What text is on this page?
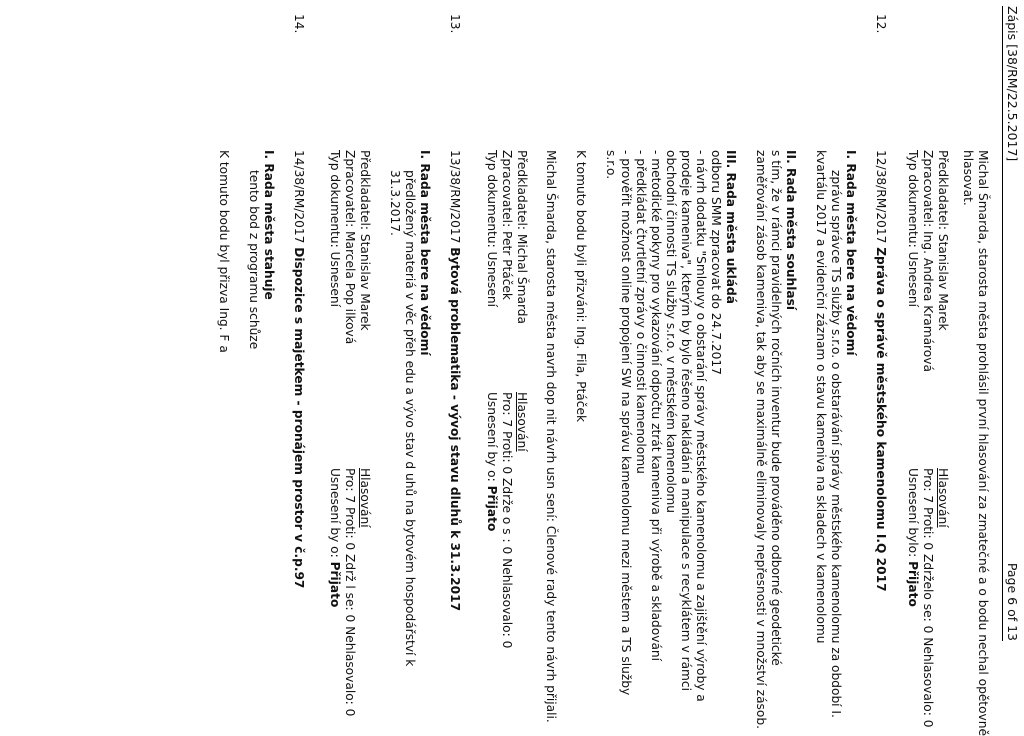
Zápis [38/RM/22.5.2017]
Page 6 of 13
Michal Šmarda, starosta města prohlásil první hlasování za zmatečné a o bodu nechal opětovně
hlasovat.
Předkladatel: Stanislav Marek
Zpracovatel: Ing. Andrea Kramárová
Typ dokumentu: Usnesení
Hlasování
Pro: 7 Proti: 0 Zdrželo se: 0 Nehlasovalo: 0
Usnesení bylo: Přijato
12.
12/38/RM/2017 Zpráva o správě městského kamenolomu I.Q 2017
I. Rada města bere na vědomí
zprávu správce TS služby s.r.o. o obstarávání správy městského kamenolomu za období I.
kvartálu 2017 a evidenční záznam o stavu kameniva na skladech v kamenolomu
II. Rada města souhlasí
s tím, že v rámci pravidelných ročních inventur bude prováděno odborné geodetické
zaměřování zásob kameniva, tak aby se maximálně eliminovaly nepřesnosti v množství zásob.
III. Rada města ukládá
odboru SMM zpracovat do 24.7.2017
- návrh dodatku "Smlouvy o obstarání správy městského kamenolomu a zajištění výroby a
prodeje kameniva", kterým by bylo řešeno nakládání a manipulace s recyklátem v rámci
obchodní činnosti TS služby s.r.o. v městském kamenolomu
- metodické pokyny pro vykazování odpočtu ztrát kameniva při výrobě a skladování
- předkládat čtvrtletní zprávy o činnosti kamenolomu
- prověřit možnost online propojení SW na správu kamenolomu mezi městem a TS služby
s.r.o.
K tomuto bodu byli přizváni: Ing. Fila, Ptáček
Michal Šmarda, starosta města navrh dop nit návrh usn sení: Členové rady tento návrh přijali.
Předkladatel: Michal Šmarda
Zpracovatel: Petr Ptáček
Typ dokumentu: Usnesení
Hlasování
Pro: 7 Proti: 0 Zdrže o s : 0 Nehlasovalo: 0
Usnesení by o: Přijato
13.
13/38/RM/2017 Bytová problematika - vývoj stavu dluhů k 31.3.2017
I. Rada města bere na vědomí
předložený materiá v věc přeh edu a vývo stav d uhů na bytovém hospodářství k
31.3.2017.
Předkladatel: Stanislav Marek
Zpracovatel: Marcela Pop ilková
Typ dokumentu: Usnesení
Hlasování
Pro: 7 Proti: 0 Zdrž l se: 0 Nehlasovalo: 0
Usnesení by o: Přijato
14.
14/38/RM/2017 Dispozice s majetkem - pronájem prostor v č.p.97
I. Rada města stahuje
tento bod z programu schůze
K tomuto bodu byl přizva Ing. F a
